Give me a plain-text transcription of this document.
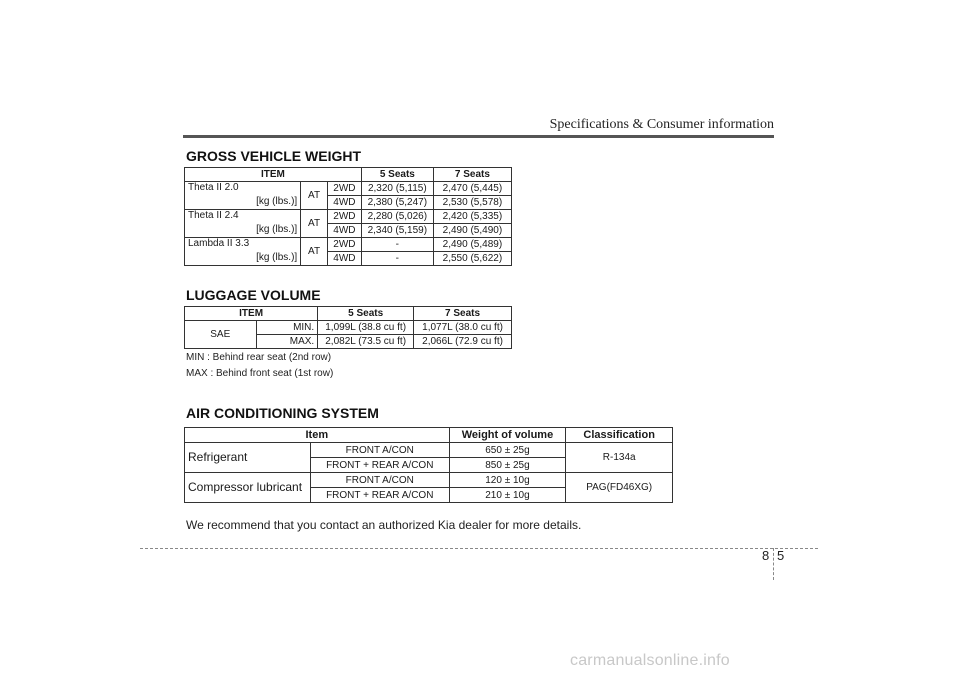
Specifications & Consumer information
GROSS VEHICLE WEIGHT
ITEM			5 Seats	7 Seats
Theta II 2.0	AT	2WD	2,320 (5,115)	2,470 (5,445)
[kg (lbs.)]		4WD	2,380 (5,247)	2,530 (5,578)
Theta II 2.4	AT	2WD	2,280 (5,026)	2,420 (5,335)
[kg (lbs.)]		4WD	2,340 (5,159)	2,490 (5,490)
Lambda II 3.3	AT	2WD	-	2,490 (5,489)
[kg (lbs.)]		4WD	-	2,550 (5,622)
LUGGAGE VOLUME
ITEM		5 Seats	7 Seats
SAE	MIN.	1,099L (38.8 cu ft)	1,077L (38.0 cu ft)
	MAX.	2,082L (73.5 cu ft)	2,066L (72.9 cu ft)
MIN : Behind rear seat (2nd row)
MAX : Behind front seat (1st row)
AIR CONDITIONING SYSTEM
Item		Weight of volume	Classification
Refrigerant	FRONT A/CON	650 ± 25g	R-134a
	FRONT + REAR A/CON	850 ± 25g	
Compressor lubricant	FRONT A/CON	120 ± 10g	PAG(FD46XG)
	FRONT + REAR A/CON	210 ± 10g	
We recommend that you contact an authorized Kia dealer for more details.
8 5
carmanualsonline.info
